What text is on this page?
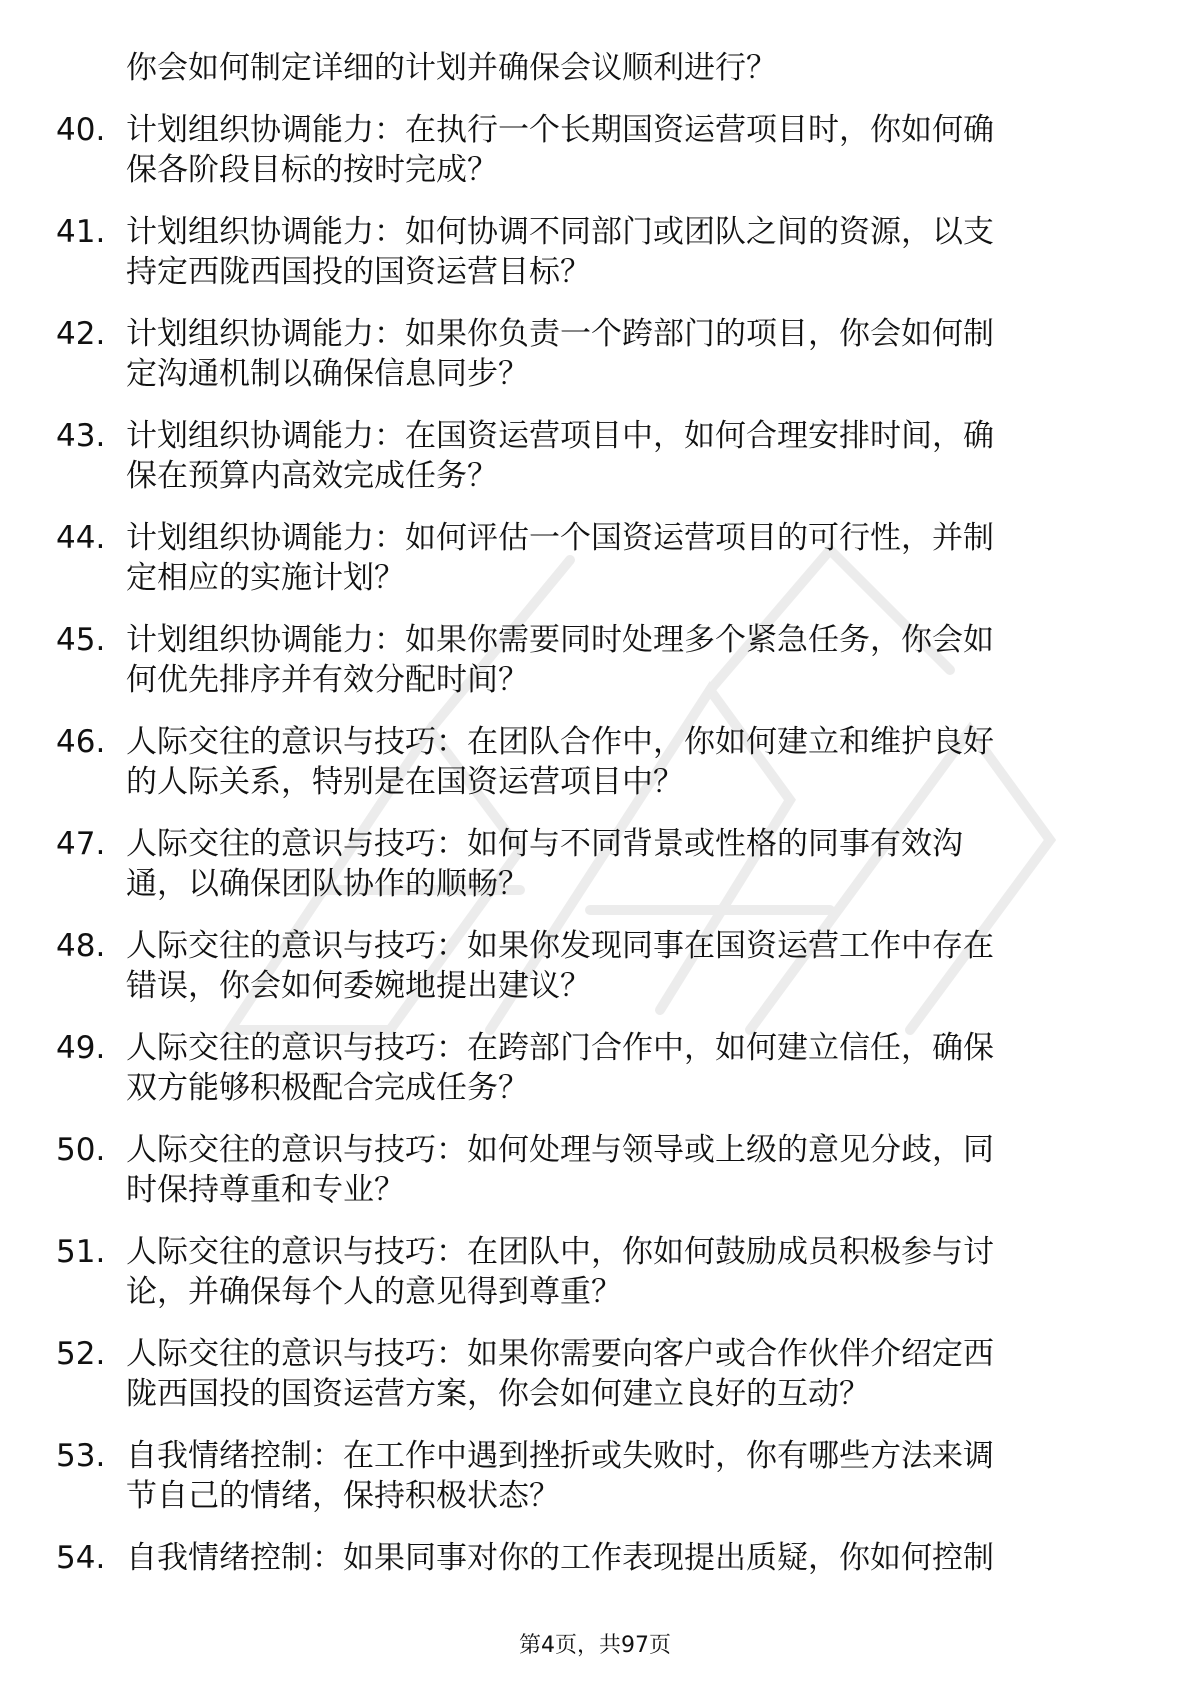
你会如何制定详细的计划并确保会议顺利进行？
40. 计划组织协调能力：在执行一个长期国资运营项目时，你如何确
保各阶段目标的按时完成？
41. 计划组织协调能力：如何协调不同部门或团队之间的资源，以支
持定西陇西国投的国资运营目标？
42. 计划组织协调能力：如果你负责一个跨部门的项目，你会如何制
定沟通机制以确保信息同步？
43. 计划组织协调能力：在国资运营项目中，如何合理安排时间，确
保在预算内高效完成任务？
44. 计划组织协调能力：如何评估一个国资运营项目的可行性，并制
定相应的实施计划？
45. 计划组织协调能力：如果你需要同时处理多个紧急任务，你会如
何优先排序并有效分配时间？
46. 人际交往的意识与技巧：在团队合作中，你如何建立和维护良好
的人际关系，特别是在国资运营项目中？
47. 人际交往的意识与技巧：如何与不同背景或性格的同事有效沟
通，以确保团队协作的顺畅？
48. 人际交往的意识与技巧：如果你发现同事在国资运营工作中存在
错误，你会如何委婉地提出建议？
49. 人际交往的意识与技巧：在跨部门合作中，如何建立信任，确保
双方能够积极配合完成任务？
50. 人际交往的意识与技巧：如何处理与领导或上级的意见分歧，同
时保持尊重和专业？
51. 人际交往的意识与技巧：在团队中，你如何鼓励成员积极参与讨
论，并确保每个人的意见得到尊重？
52. 人际交往的意识与技巧：如果你需要向客户或合作伙伴介绍定西
陇西国投的国资运营方案，你会如何建立良好的互动？
53. 自我情绪控制：在工作中遇到挫折或失败时，你有哪些方法来调
节自己的情绪，保持积极状态？
54. 自我情绪控制：如果同事对你的工作表现提出质疑，你如何控制
第4页，共97页
